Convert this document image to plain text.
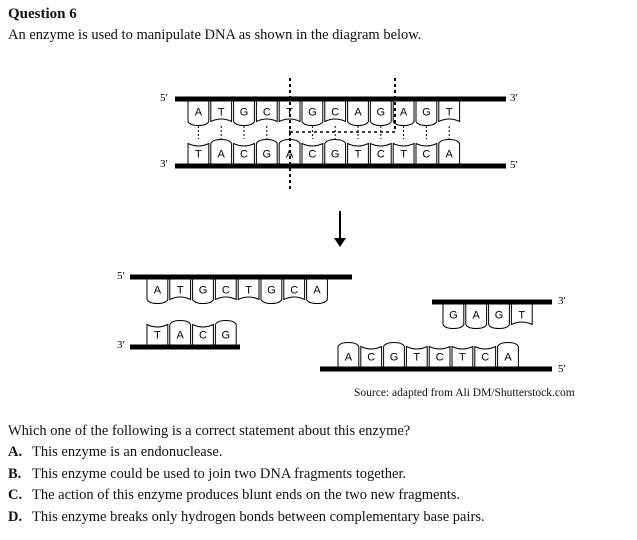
Question 6
An enzyme is used to manipulate DNA as shown in the diagram below.
A T G C T G C A G A G T
T A C G A C G T C T C A
A T G C T G C A
T A C G
G A G T
A C G T C T C A
5′	3′
3′	5′
5′
3′
3′
5′
Source: adapted from Ali DM/Shutterstock.com
Which one of the following is a correct statement about this enzyme?
A. This enzyme is an endonuclease.
B. This enzyme could be used to join two DNA fragments together.
C. The action of this enzyme produces blunt ends on the two new fragments.
D. This enzyme breaks only hydrogen bonds between complementary base pairs.
